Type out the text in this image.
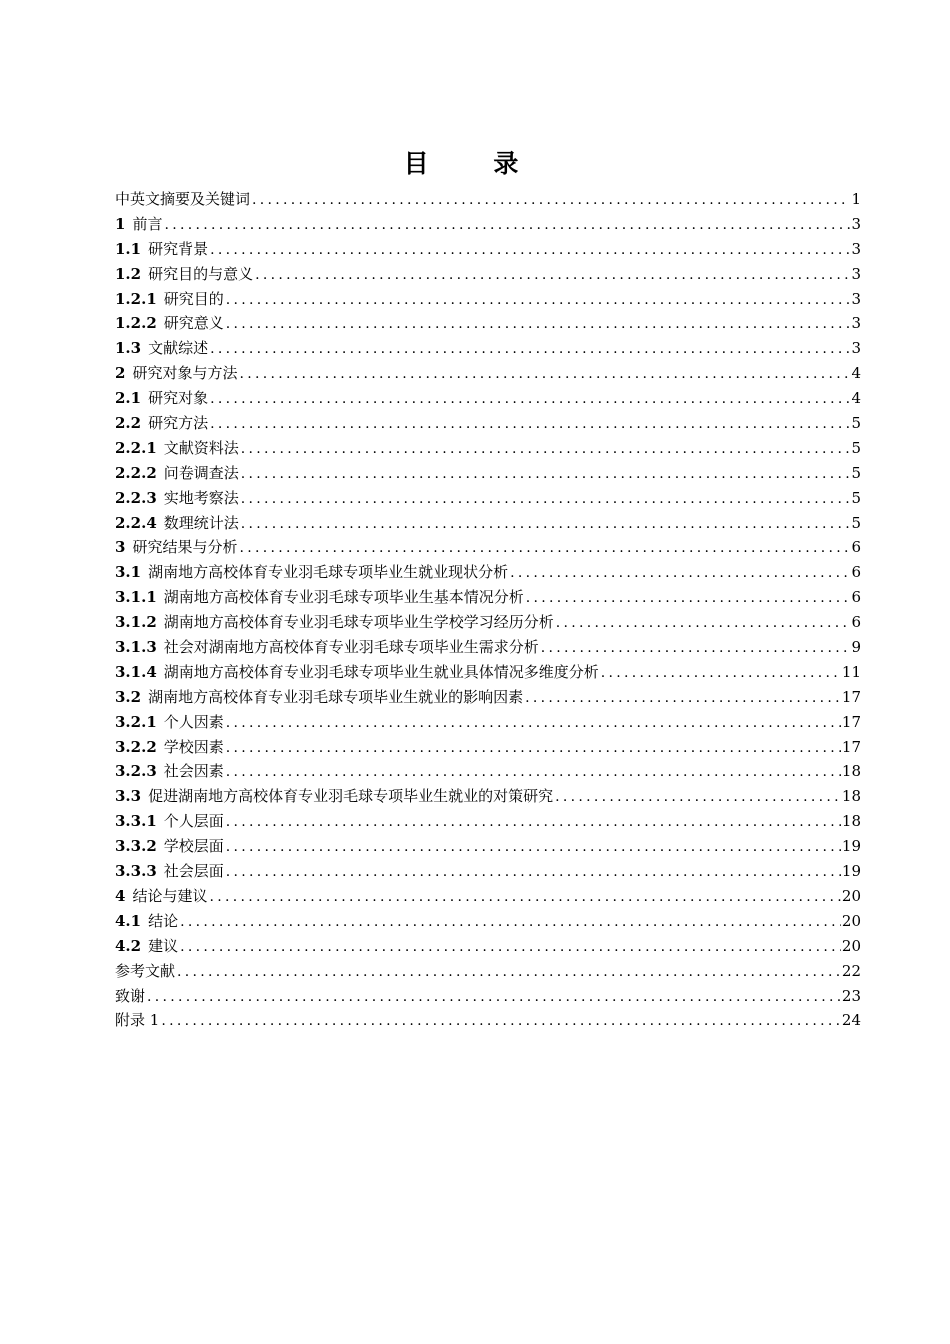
目 录
中英文摘要及关键词 .....	1
1 前言 .....	3
1.1 研究背景 .....	3
1.2 研究目的与意义 .....	3
1.2.1 研究目的 .....	3
1.2.2 研究意义 .....	3
1.3 文献综述 .....	3
2 研究对象与方法 .....	4
2.1 研究对象 .....	4
2.2 研究方法 .....	5
2.2.1 文献资料法 .....	5
2.2.2 问卷调查法 .....	5
2.2.3 实地考察法 .....	5
2.2.4 数理统计法 .....	5
3 研究结果与分析 .....	6
3.1 湖南地方高校体育专业羽毛球专项毕业生就业现状分析 .....	6
3.1.1 湖南地方高校体育专业羽毛球专项毕业生基本情况分析 .....	6
3.1.2 湖南地方高校体育专业羽毛球专项毕业生学校学习经历分析 .....	6
3.1.3 社会对湖南地方高校体育专业羽毛球专项毕业生需求分析 .....	9
3.1.4 湖南地方高校体育专业羽毛球专项毕业生就业具体情况多维度分析 .....	11
3.2 湖南地方高校体育专业羽毛球专项毕业生就业的影响因素 .....	17
3.2.1 个人因素 .....	17
3.2.2 学校因素 .....	17
3.2.3 社会因素 .....	18
3.3 促进湖南地方高校体育专业羽毛球专项毕业生就业的对策研究 .....	18
3.3.1 个人层面 .....	18
3.3.2 学校层面 .....	19
3.3.3 社会层面 .....	19
4 结论与建议 .....	20
4.1 结论 .....	20
4.2 建议 .....	20
参考文献 .....	22
致谢 .....	23
附录 1 .....	24
